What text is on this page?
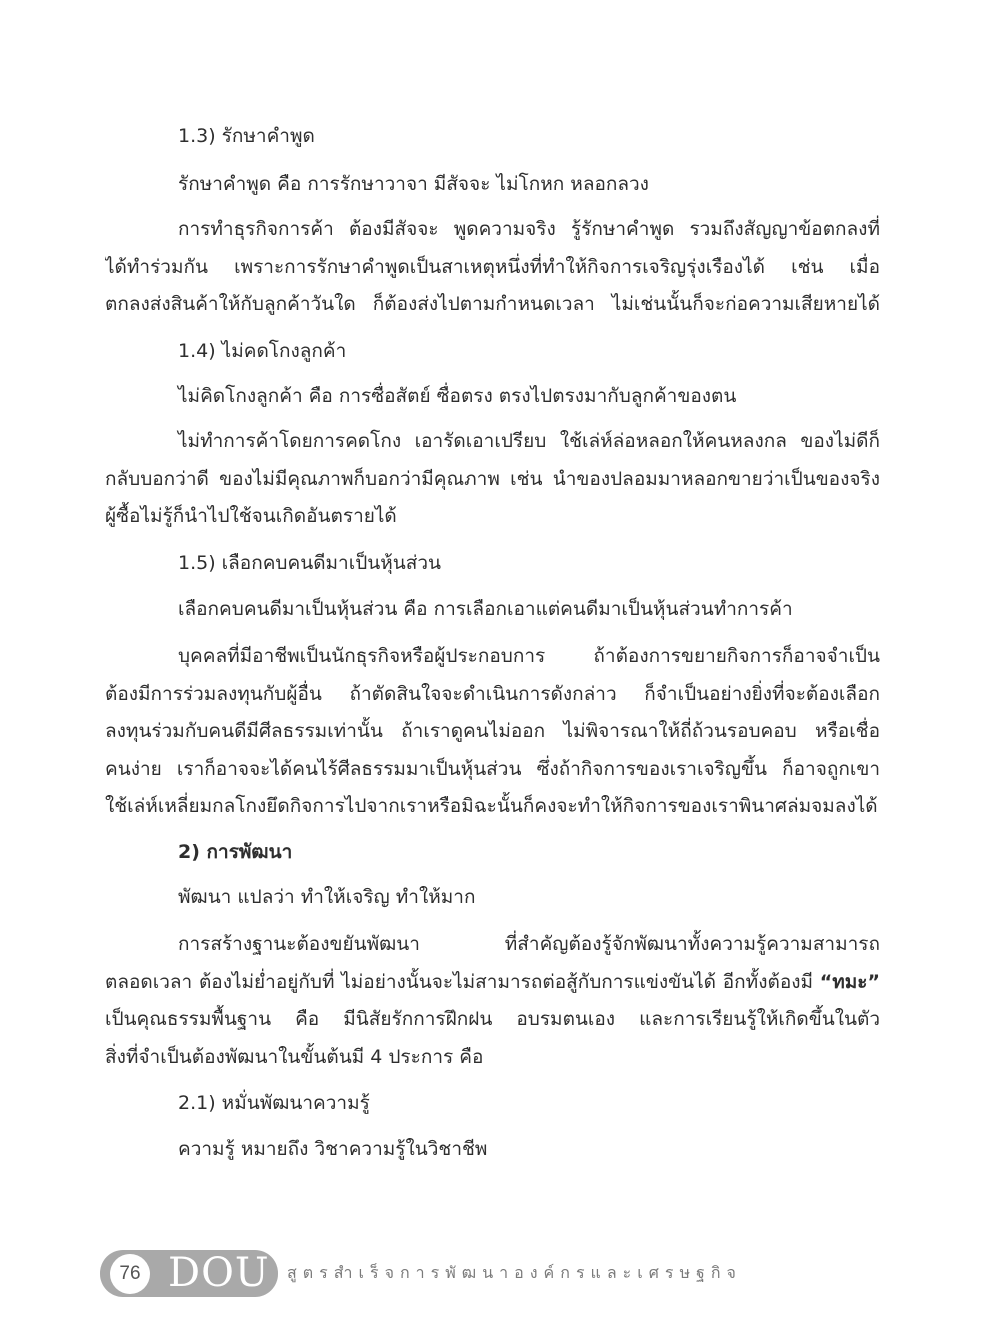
1.3) รักษาคำพูด
รักษาคำพูด คือ การรักษาวาจา มีสัจจะ ไม่โกหก หลอกลวง
การทำธุรกิจการค้า ต้องมีสัจจะ พูดความจริง รู้รักษาคำพูด รวมถึงสัญญาข้อตกลงที่
ได้ทำร่วมกัน เพราะการรักษาคำพูดเป็นสาเหตุหนึ่งที่ทำให้กิจการเจริญรุ่งเรืองได้ เช่น เมื่อ
ตกลงส่งสินค้าให้กับลูกค้าวันใด ก็ต้องส่งไปตามกำหนดเวลา ไม่เช่นนั้นก็จะก่อความเสียหายได้
1.4) ไม่คดโกงลูกค้า
ไม่คิดโกงลูกค้า คือ การซื่อสัตย์ ซื่อตรง ตรงไปตรงมากับลูกค้าของตน
ไม่ทำการค้าโดยการคดโกง เอารัดเอาเปรียบ ใช้เล่ห์ล่อหลอกให้คนหลงกล ของไม่ดีก็
กลับบอกว่าดี ของไม่มีคุณภาพก็บอกว่ามีคุณภาพ เช่น นำของปลอมมาหลอกขายว่าเป็นของจริง
ผู้ซื้อไม่รู้ก็นำไปใช้จนเกิดอันตรายได้
1.5) เลือกคบคนดีมาเป็นหุ้นส่วน
เลือกคบคนดีมาเป็นหุ้นส่วน คือ การเลือกเอาแต่คนดีมาเป็นหุ้นส่วนทำการค้า
บุคคลที่มีอาชีพเป็นนักธุรกิจหรือผู้ประกอบการ ถ้าต้องการขยายกิจการก็อาจจำเป็น
ต้องมีการร่วมลงทุนกับผู้อื่น ถ้าตัดสินใจจะดำเนินการดังกล่าว ก็จำเป็นอย่างยิ่งที่จะต้องเลือก
ลงทุนร่วมกับคนดีมีศีลธรรมเท่านั้น ถ้าเราดูคนไม่ออก ไม่พิจารณาให้ถี่ถ้วนรอบคอบ หรือเชื่อ
คนง่าย เราก็อาจจะได้คนไร้ศีลธรรมมาเป็นหุ้นส่วน ซึ่งถ้ากิจการของเราเจริญขึ้น ก็อาจถูกเขา
ใช้เล่ห์เหลี่ยมกลโกงยึดกิจการไปจากเราหรือมิฉะนั้นก็คงจะทำให้กิจการของเราพินาศล่มจมลงได้
2) การพัฒนา
พัฒนา แปลว่า ทำให้เจริญ ทำให้มาก
การสร้างฐานะต้องขยันพัฒนา ที่สำคัญต้องรู้จักพัฒนาทั้งความรู้ความสามารถ
ตลอดเวลา ต้องไม่ย่ำอยู่กับที่ ไม่อย่างนั้นจะไม่สามารถต่อสู้กับการแข่งขันได้ อีกทั้งต้องมี “ทมะ”
เป็นคุณธรรมพื้นฐาน คือ มีนิสัยรักการฝึกฝน อบรมตนเอง และการเรียนรู้ให้เกิดขึ้นในตัว
สิ่งที่จำเป็นต้องพัฒนาในขั้นต้นมี 4 ประการ คือ
2.1) หมั่นพัฒนาความรู้
ความรู้ หมายถึง วิชาความรู้ในวิชาชีพ
76 DOU สูตรสำเร็จการพัฒนาองค์กรและเศรษฐกิจ
